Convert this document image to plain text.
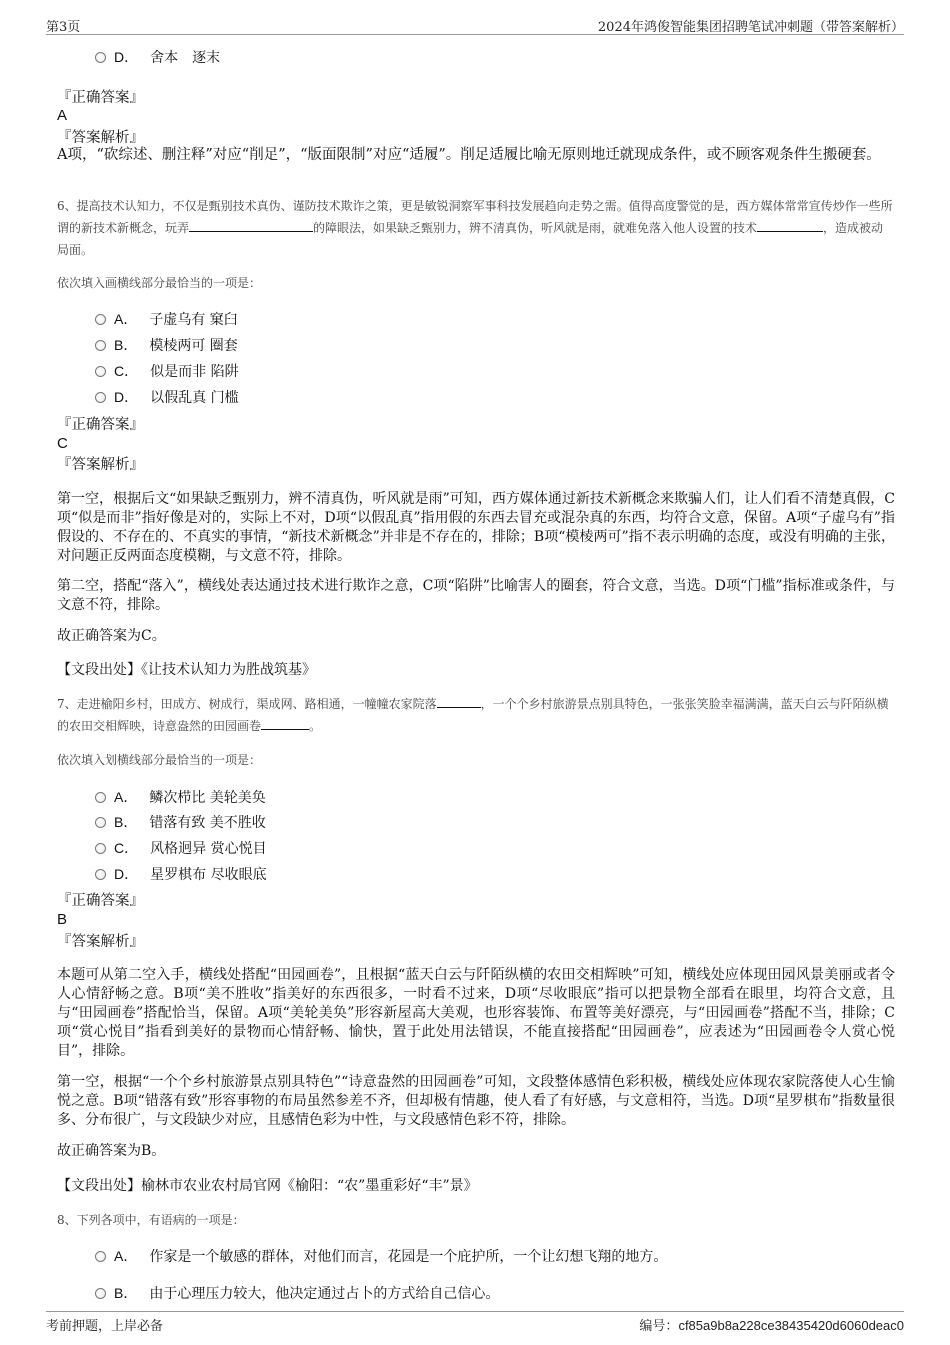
第3页	2024年鸿俊智能集团招聘笔试冲刺题（带答案解析）
D． 舍本　逐末
『正确答案』
A
『答案解析』
A项，“砍综述、删注释”对应“削足”，“版面限制”对应“适履”。削足适履比喻无原则地迁就现成条件，或不顾客观条件生搬硬套。
6、提高技术认知力，不仅是甄别技术真伪、谨防技术欺诈之策，更是敏锐洞察军事科技发展趋向走势之需。值得高度警觉的是，西方媒体常常宣传炒作一些所谓的新技术新概念，玩弄	的障眼法，如果缺乏甄别力，辨不清真伪，听风就是雨，就难免落入他人设置的技术	，造成被动局面。
依次填入画横线部分最恰当的一项是：
A． 子虚乌有 窠臼
B． 模棱两可 圈套
C． 似是而非 陷阱
D． 以假乱真 门槛
『正确答案』
C
『答案解析』
第一空，根据后文“如果缺乏甄别力，辨不清真伪，听风就是雨”可知，西方媒体通过新技术新概念来欺骗人们，让人们看不清楚真假，C项“似是而非”指好像是对的，实际上不对，D项“以假乱真”指用假的东西去冒充或混杂真的东西，均符合文意，保留。A项“子虚乌有”指假设的、不存在的、不真实的事情，“新技术新概念”并非是不存在的，排除；B项“模棱两可”指不表示明确的态度，或没有明确的主张，对问题正反两面态度模糊，与文意不符，排除。
第二空，搭配“落入”，横线处表达通过技术进行欺诈之意，C项“陷阱”比喻害人的圈套，符合文意，当选。D项“门槛”指标准或条件，与文意不符，排除。
故正确答案为C。
【文段出处】《让技术认知力为胜战筑基》
7、走进榆阳乡村，田成方、树成行，渠成网、路相通，一幢幢农家院落	，一个个乡村旅游景点别具特色，一张张笑脸幸福满满，蓝天白云与阡陌纵横的农田交相辉映，诗意盎然的田园画卷	。
依次填入划横线部分最恰当的一项是：
A． 鳞次栉比 美轮美奂
B． 错落有致 美不胜收
C． 风格迥异 赏心悦目
D． 星罗棋布 尽收眼底
『正确答案』
B
『答案解析』
本题可从第二空入手，横线处搭配“田园画卷”，且根据“蓝天白云与阡陌纵横的农田交相辉映”可知，横线处应体现田园风景美丽或者令人心情舒畅之意。B项“美不胜收”指美好的东西很多，一时看不过来，D项“尽收眼底”指可以把景物全部看在眼里，均符合文意，且与“田园画卷”搭配恰当，保留。A项“美轮美奂”形容新屋高大美观，也形容装饰、布置等美好漂亮，与“田园画卷”搭配不当，排除；C项“赏心悦目”指看到美好的景物而心情舒畅、愉快，置于此处用法错误，不能直接搭配“田园画卷”，应表述为“田园画卷令人赏心悦目”，排除。
第一空，根据“一个个乡村旅游景点别具特色”“诗意盎然的田园画卷”可知，文段整体感情色彩积极，横线处应体现农家院落使人心生愉悦之意。B项“错落有致”形容事物的布局虽然参差不齐，但却极有情趣，使人看了有好感，与文意相符，当选。D项“星罗棋布”指数量很多、分布很广，与文段缺少对应，且感情色彩为中性，与文段感情色彩不符，排除。
故正确答案为B。
【文段出处】榆林市农业农村局官网《榆阳：“农”墨重彩好“丰”景》
8、下列各项中，有语病的一项是：
A． 作家是一个敏感的群体，对他们而言，花园是一个庇护所，一个让幻想飞翔的地方。
B． 由于心理压力较大，他决定通过占卜的方式给自己信心。
考前押题，上岸必备	编号：cf85a9b8a228ce38435420d6060deac0
